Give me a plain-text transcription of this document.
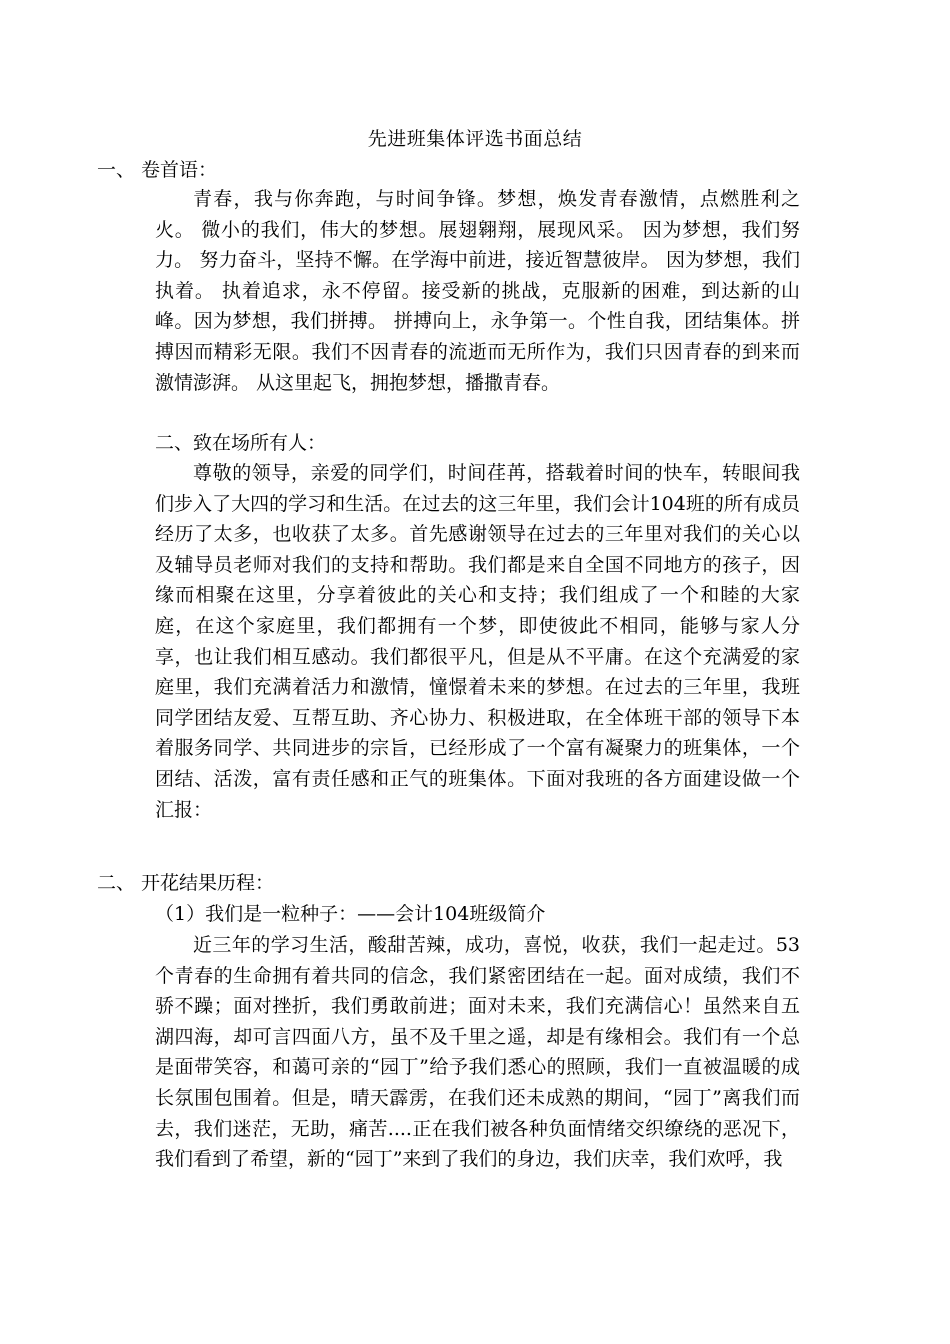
先进班集体评选书面总结
一、 卷首语：

青春，我与你奔跑，与时间争锋。梦想，焕发青春激情，点燃胜利之火。 微小的我们，伟大的梦想。展翅翱翔，展现风采。 因为梦想，我们努力。 努力奋斗，坚持不懈。在学海中前进，接近智慧彼岸。 因为梦想，我们执着。 执着追求，永不停留。接受新的挑战，克服新的困难，到达新的山峰。因为梦想，我们拼搏。 拼搏向上，永争第一。个性自我，团结集体。拼搏因而精彩无限。我们不因青春的流逝而无所作为，我们只因青春的到来而激情澎湃。 从这里起飞，拥抱梦想，播撒青春。

二、致在场所有人：

尊敬的领导，亲爱的同学们，时间荏苒，搭载着时间的快车，转眼间我们步入了大四的学习和生活。在过去的这三年里，我们会计104班的所有成员经历了太多，也收获了太多。首先感谢领导在过去的三年里对我们的关心以及辅导员老师对我们的支持和帮助。我们都是来自全国不同地方的孩子，因缘而相聚在这里，分享着彼此的关心和支持；我们组成了一个和睦的大家庭，在这个家庭里，我们都拥有一个梦，即使彼此不相同，能够与家人分享，也让我们相互感动。我们都很平凡，但是从不平庸。在这个充满爱的家庭里，我们充满着活力和激情，憧憬着未来的梦想。在过去的三年里，我班同学团结友爱、互帮互助、齐心协力、积极进取，在全体班干部的领导下本着服务同学、共同进步的宗旨，已经形成了一个富有凝聚力的班集体，一个团结、活泼，富有责任感和正气的班集体。下面对我班的各方面建设做一个汇报：

二、 开花结果历程：
（1）我们是一粒种子：——会计104班级简介

近三年的学习生活，酸甜苦辣，成功，喜悦，收获，我们一起走过。53个青春的生命拥有着共同的信念，我们紧密团结在一起。面对成绩，我们不骄不躁；面对挫折，我们勇敢前进；面对未来，我们充满信心！虽然来自五湖四海，却可言四面八方，虽不及千里之遥，却是有缘相会。我们有一个总是面带笑容，和蔼可亲的“园丁”给予我们悉心的照顾，我们一直被温暖的成长氛围包围着。但是，晴天霹雳，在我们还未成熟的期间，“园丁”离我们而去，我们迷茫，无助，痛苦....正在我们被各种负面情绪交织缭绕的恶况下，我们看到了希望，新的“园丁”来到了我们的身边，我们庆幸，我们欢呼，我
